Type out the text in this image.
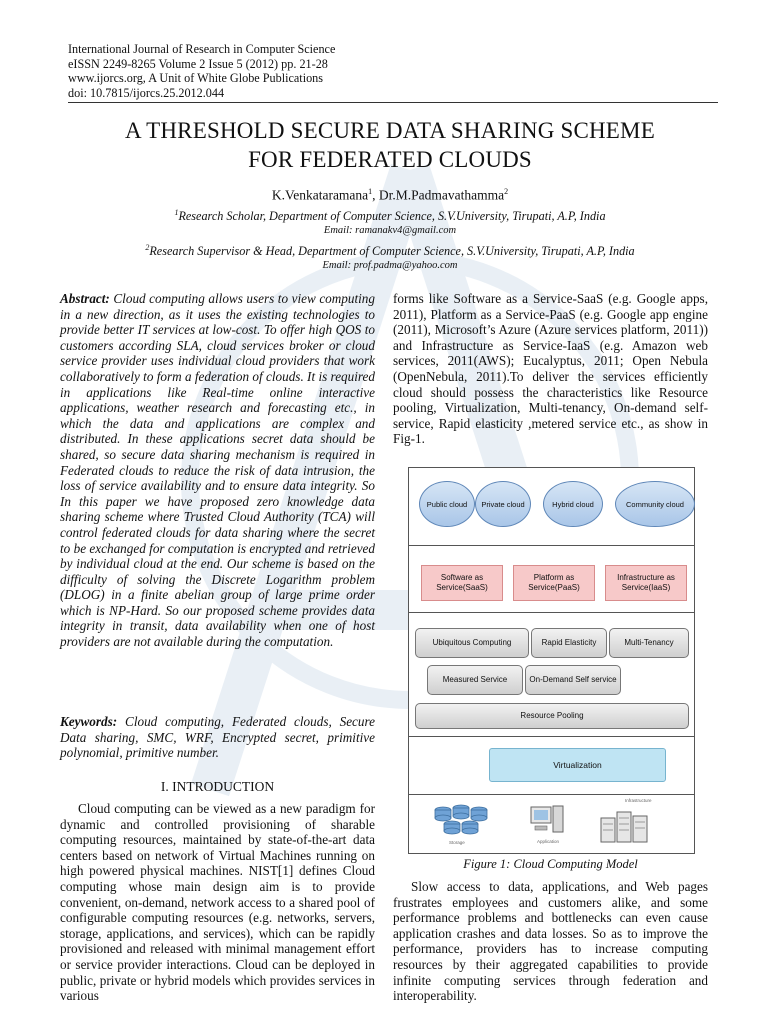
International Journal of Research in Computer Science
eISSN 2249-8265 Volume 2 Issue 5 (2012) pp. 21-28
www.ijorcs.org, A Unit of White Globe Publications
doi: 10.7815/ijorcs.25.2012.044
A THRESHOLD SECURE DATA SHARING SCHEME
FOR FEDERATED CLOUDS
K.Venkataramana$^1$, Dr.M.Padmavathamma$^2$
$^1$Research Scholar, Department of Computer Science, S.V.University, Tirupati, A.P, India
Email: ramanakv4@gmail.com
$^2$Research Supervisor & Head, Department of Computer Science, S.V.University, Tirupati, A.P, India
Email: prof.padma@yahoo.com

Abstract: Cloud computing allows users to view computing in a new direction, as it uses the existing technologies to provide better IT services at low-cost. To offer high QOS to customers according SLA, cloud services broker or cloud service provider uses individual cloud providers that work collaboratively to form a federation of clouds. It is required in applications like Real-time online interactive applications, weather research and forecasting etc., in which the data and applications are complex and distributed. In these applications secret data should be shared, so secure data sharing mechanism is required in Federated clouds to reduce the risk of data intrusion, the loss of service availability and to ensure data integrity. So In this paper we have proposed zero knowledge data sharing scheme where Trusted Cloud Authority (TCA) will control federated clouds for data sharing where the secret to be exchanged for computation is encrypted and retrieved by individual cloud at the end. Our scheme is based on the difficulty of solving the Discrete Logarithm problem (DLOG) in a finite abelian group of large prime order which is NP-Hard. So our proposed scheme provides data integrity in transit, data availability when one of host providers are not available during the computation.

Keywords: Cloud computing, Federated clouds, Secure Data sharing, SMC, WRF, Encrypted secret, primitive polynomial, primitive number.

I. INTRODUCTION

Cloud computing can be viewed as a new paradigm for dynamic and controlled provisioning of sharable computing resources, maintained by state-of-the-art data centers based on network of Virtual Machines running on high powered physical machines. NIST[1] defines Cloud computing whose main design aim is to provide convenient, on-demand, network access to a shared pool of configurable computing resources (e.g. networks, servers, storage, applications, and services), which can be rapidly provisioned and released with minimal management effort or service provider interactions. Cloud can be deployed in public, private or hybrid models which provides services in various

forms like Software as a Service-SaaS (e.g. Google apps, 2011), Platform as a Service-PaaS (e.g. Google app engine (2011), Microsoft’s Azure (Azure services platform, 2011)) and Infrastructure as Service-IaaS (e.g. Amazon web services, 2011(AWS); Eucalyptus, 2011; Open Nebula (OpenNebula, 2011).To deliver the services efficiently cloud should possess the characteristics like Resource pooling, Virtualization, Multi-tenancy, On-demand self-service, Rapid elasticity ,metered service etc., as show in Fig-1.

Public cloud	Private cloud	Hybrid cloud	Community cloud
Software as Service(SaaS)
Platform as Service(PaaS)
Infrastructure as Service(IaaS)
Ubiquitous Computing	Rapid Elasticity	Multi-Tenancy
Measured Service	On-Demand Self service
Resource Pooling
Virtualization
Storage	Application
Infrastructure
Figure 1: Cloud Computing Model

Slow access to data, applications, and Web pages frustrates employees and customers alike, and some performance problems and bottlenecks can even cause application crashes and data losses. So as to improve the performance, providers has to increase computing resources by their aggregated capabilities to provide infinite computing services through federation and interoperability.
